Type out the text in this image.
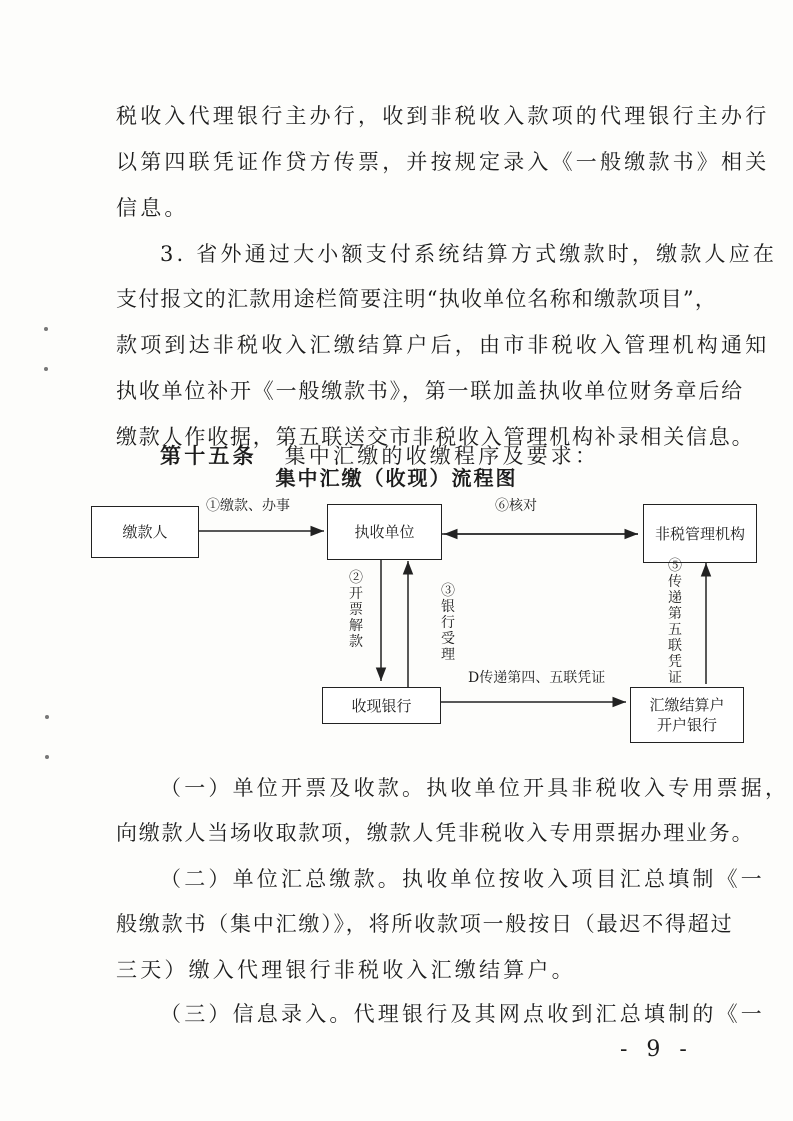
税收入代理银行主办行，收到非税收入款项的代理银行主办行
以第四联凭证作贷方传票，并按规定录入《一般缴款书》相关
信息。
3. 省外通过大小额支付系统结算方式缴款时，缴款人应在
支付报文的汇款用途栏简要注明“执收单位名称和缴款项目”，
款项到达非税收入汇缴结算户后，由市非税收入管理机构通知
执收单位补开《一般缴款书》，第一联加盖执收单位财务章后给
缴款人作收据，第五联送交市非税收入管理机构补录相关信息。
第十五条 集中汇缴的收缴程序及要求：
集中汇缴（收现）流程图
缴款人	执收单位	非税管理机构
收现银行	汇缴结算户
开户银行
①缴款、办事	⑥核对
②开票解款
③银行受理
D传递第四、五联凭证
⑤传递第五联凭证
（一）单位开票及收款。执收单位开具非税收入专用票据，
向缴款人当场收取款项，缴款人凭非税收入专用票据办理业务。
（二）单位汇总缴款。执收单位按收入项目汇总填制《一
般缴款书（集中汇缴）》，将所收款项一般按日（最迟不得超过
三天）缴入代理银行非税收入汇缴结算户。
（三）信息录入。代理银行及其网点收到汇总填制的《一
- 9 -
